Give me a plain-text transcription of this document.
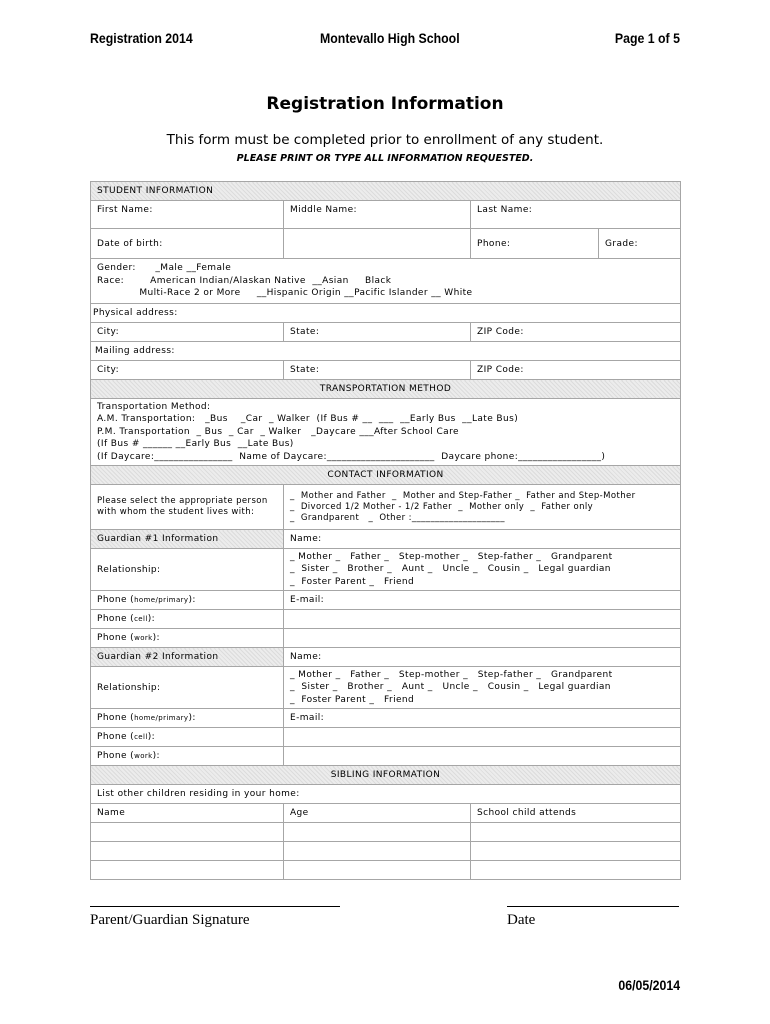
Registration 2014	Montevallo High School	Page 1 of 5
Registration Information
This form must be completed prior to enrollment of any student.
PLEASE PRINT OR TYPE ALL INFORMATION REQUESTED.
STUDENT INFORMATION			
First Name:	Middle Name:	Last Name:	
Date of birth:		Phone:	Grade:

Gender:      _Male __Female
Race:        American Indian/Alaskan Native  __Asian     Black
Multi-Race 2 or More     __Hispanic Origin __Pacific Islander __ White			

Physical address:			
City:	State:	ZIP Code:	
Mailing address:			
City:	State:	ZIP Code:	
TRANSPORTATION METHOD			

Transportation Method:
A.M. Transportation:   _Bus    _Car  _ Walker  (If Bus # __  ___  __Early Bus  __Late Bus)
P.M. Transportation  _ Bus  _ Car  _ Walker   _Daycare ___After School Care
(If Bus # ______ __Early Bus  __Late Bus)
(If Daycare:________________  Name of Daycare:______________________  Daycare phone:_________________)			

CONTACT INFORMATION			

Please select the appropriate person
with whom the student lives with:	_  Mother and Father  _  Mother and Step-Father _  Father and Step-Mother
_  Divorced 1/2 Mother - 1/2 Father  _  Mother only  _  Father only
_  Grandparent   _  Other :____________________		

Guardian #1 Information	Name:		
Relationship:	_ Mother _   Father _   Step-mother _   Step-father _   Grandparent
_  Sister _   Brother _   Aunt _   Uncle _   Cousin _   Legal guardian
_  Foster Parent _   Friend		

Phone (home/primary):	E-mail:		
Phone (cell):			
Phone (work):			
Guardian #2 Information	Name:		
Relationship:	_ Mother _   Father _   Step-mother _   Step-father _   Grandparent
_  Sister _   Brother _   Aunt _   Uncle _   Cousin _   Legal guardian
_  Foster Parent _   Friend		

Phone (home/primary):	E-mail:		
Phone (cell):			
Phone (work):			
SIBLING INFORMATION			
List other children residing in your home:			
Name	Age	School child attends	

Parent/Guardian Signature	Date
06/05/2014
